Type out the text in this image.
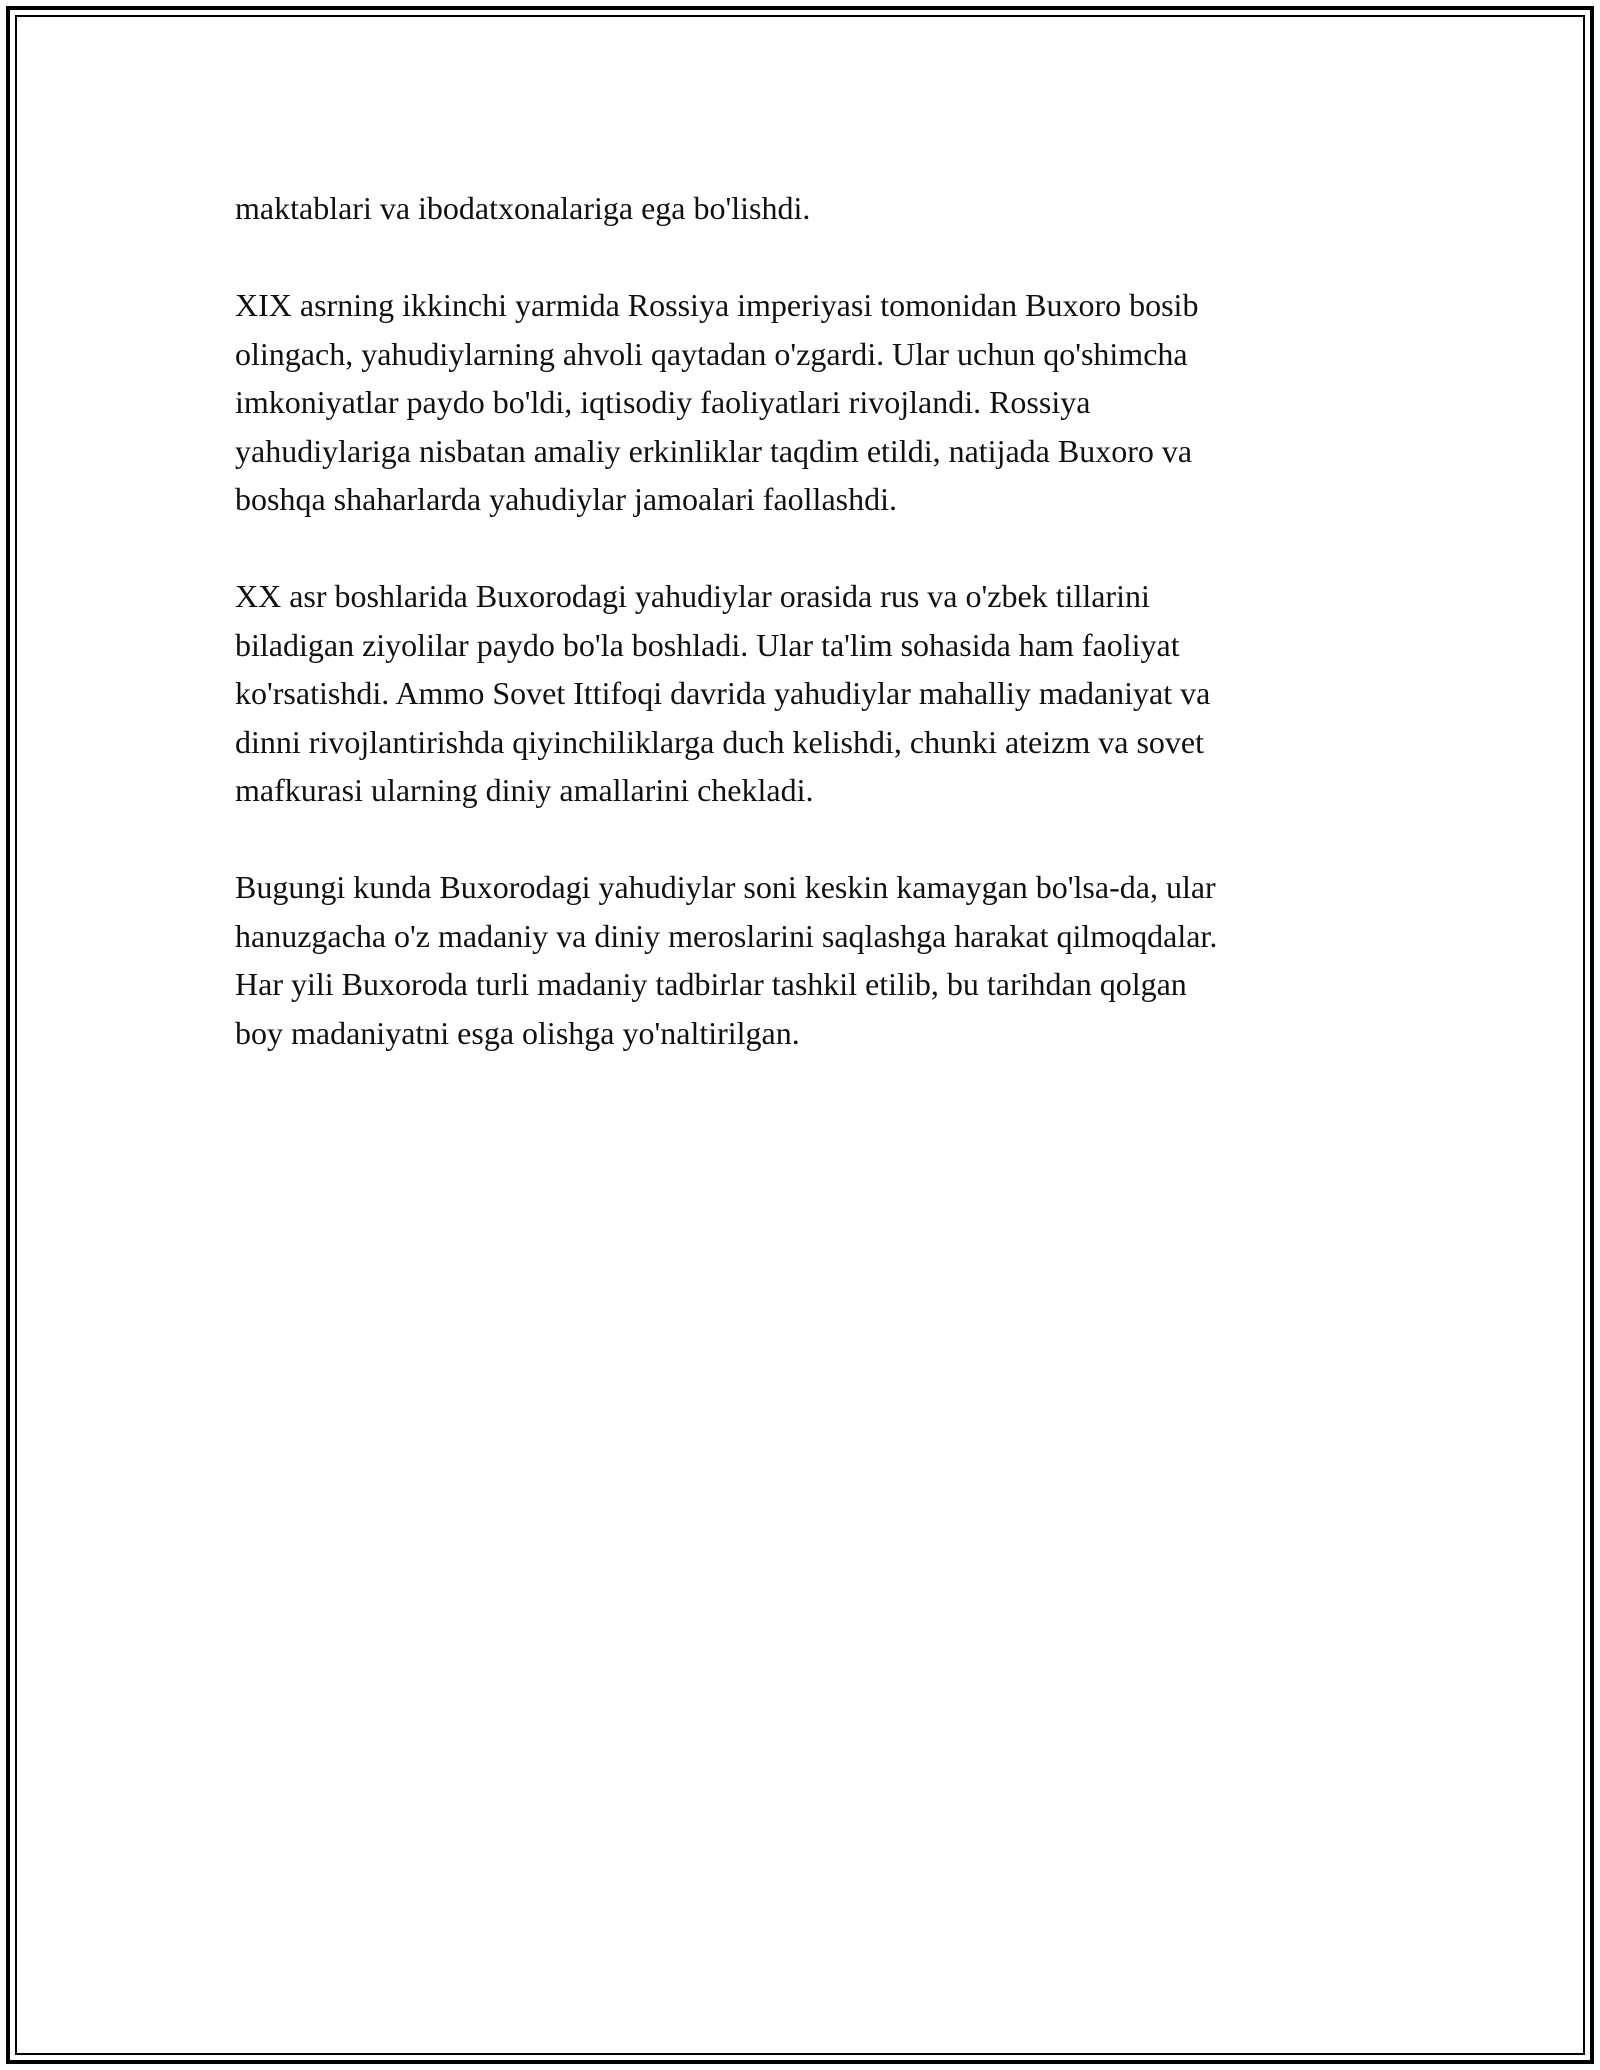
maktablari va ibodatxonalariga ega bo'lishdi.

XIX asrning ikkinchi yarmida Rossiya imperiyasi tomonidan Buxoro bosib
olingach, yahudiylarning ahvoli qaytadan o'zgardi. Ular uchun qo'shimcha
imkoniyatlar paydo bo'ldi, iqtisodiy faoliyatlari rivojlandi. Rossiya
yahudiylariga nisbatan amaliy erkinliklar taqdim etildi, natijada Buxoro va
boshqa shaharlarda yahudiylar jamoalari faollashdi.

XX asr boshlarida Buxorodagi yahudiylar orasida rus va o'zbek tillarini
biladigan ziyolilar paydo bo'la boshladi. Ular ta'lim sohasida ham faoliyat
ko'rsatishdi. Ammo Sovet Ittifoqi davrida yahudiylar mahalliy madaniyat va
dinni rivojlantirishda qiyinchiliklarga duch kelishdi, chunki ateizm va sovet
mafkurasi ularning diniy amallarini chekladi.

Bugungi kunda Buxorodagi yahudiylar soni keskin kamaygan bo'lsa-da, ular
hanuzgacha o'z madaniy va diniy meroslarini saqlashga harakat qilmoqdalar.
Har yili Buxoroda turli madaniy tadbirlar tashkil etilib, bu tarihdan qolgan
boy madaniyatni esga olishga yo'naltirilgan.
